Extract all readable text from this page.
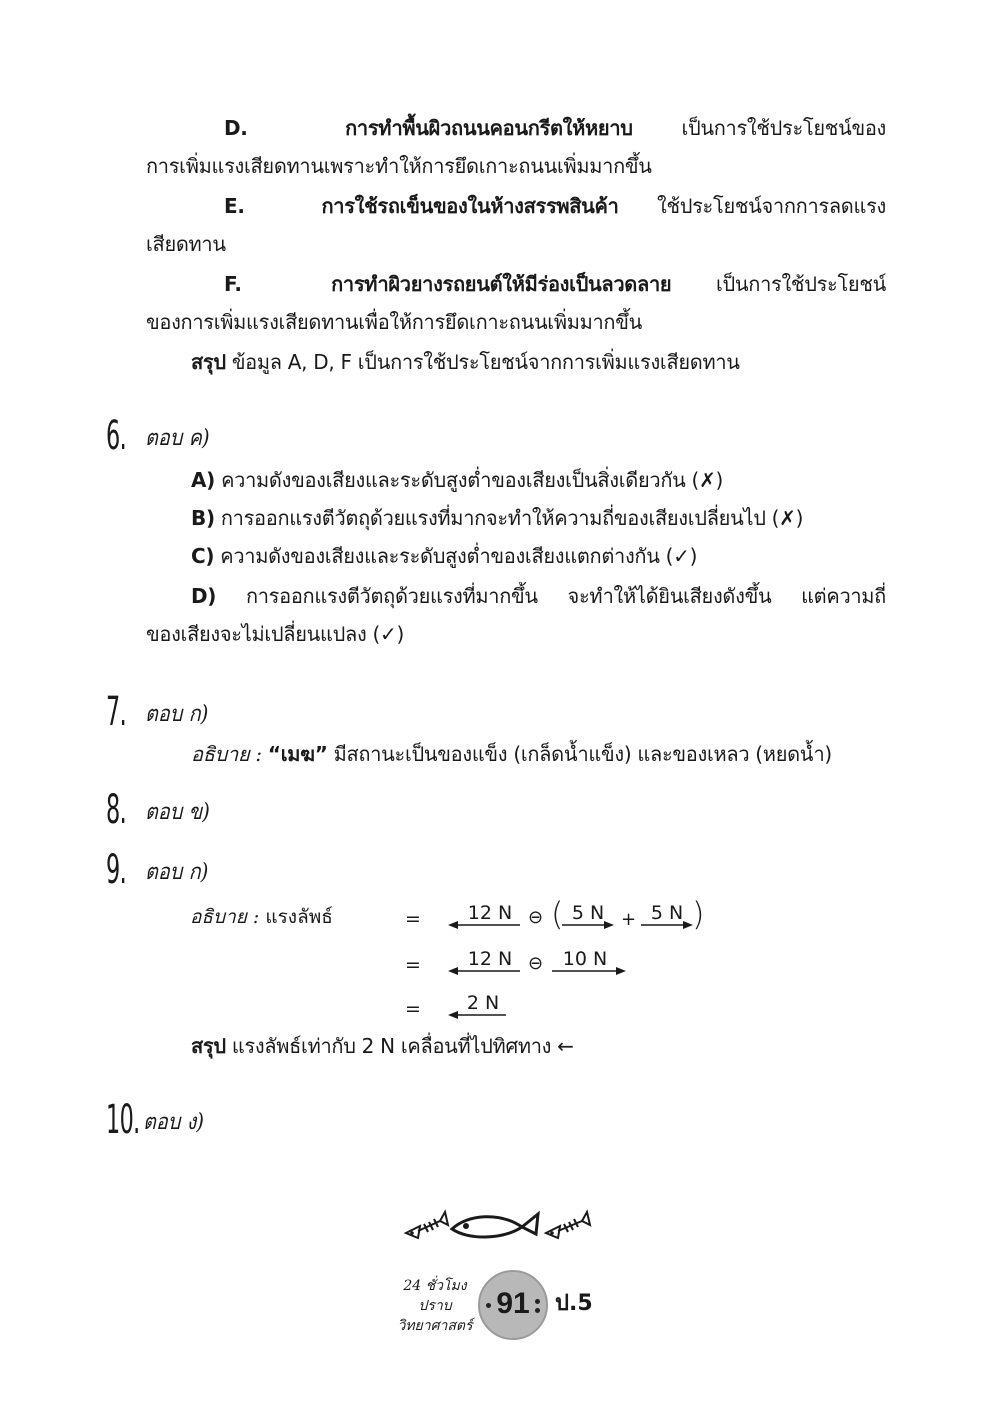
D.	การทำพื้นผิวถนนคอนกรีตให้หยาบ เป็นการใช้ประโยชน์ของ
การเพิ่มแรงเสียดทานเพราะทำให้การยึดเกาะถนนเพิ่มมากขึ้น
E.	การใช้รถเข็นของในห้างสรรพสินค้า ใช้ประโยชน์จากการลดแรง
เสียดทาน
F.	การทำผิวยางรถยนต์ให้มีร่องเป็นลวดลาย เป็นการใช้ประโยชน์
ของการเพิ่มแรงเสียดทานเพื่อให้การยึดเกาะถนนเพิ่มมากขึ้น
สรุป ข้อมูล A, D, F เป็นการใช้ประโยชน์จากการเพิ่มแรงเสียดทาน
6. ตอบ ค)
A) ความดังของเสียงและระดับสูงต่ำของเสียงเป็นสิ่งเดียวกัน (✗)
B) การออกแรงตีวัตถุด้วยแรงที่มากจะทำให้ความถี่ของเสียงเปลี่ยนไป (✗)
C) ความดังของเสียงและระดับสูงต่ำของเสียงแตกต่างกัน (✓)
D) การออกแรงตีวัตถุด้วยแรงที่มากขึ้น จะทำให้ได้ยินเสียงดังขึ้น แต่ความถี่
ของเสียงจะไม่เปลี่ยนแปลง (✓)
7. ตอบ ก)
อธิบาย : “เมฆ” มีสถานะเป็นของแข็ง (เกล็ดน้ำแข็ง) และของเหลว (หยดน้ำ)
8. ตอบ ข)
9. ตอบ ก)
อธิบาย : แรงลัพธ์	=	12 N ⊖ ( 5 N + 5 N )
=	12 N ⊖	10 N
=	2 N
สรุป แรงลัพธ์เท่ากับ 2 N เคลื่อนที่ไปทิศทาง ←
10. ตอบ ง)
24 ชั่วโมง
ปราบ
วิทยาศาสตร์
91	ป.5
